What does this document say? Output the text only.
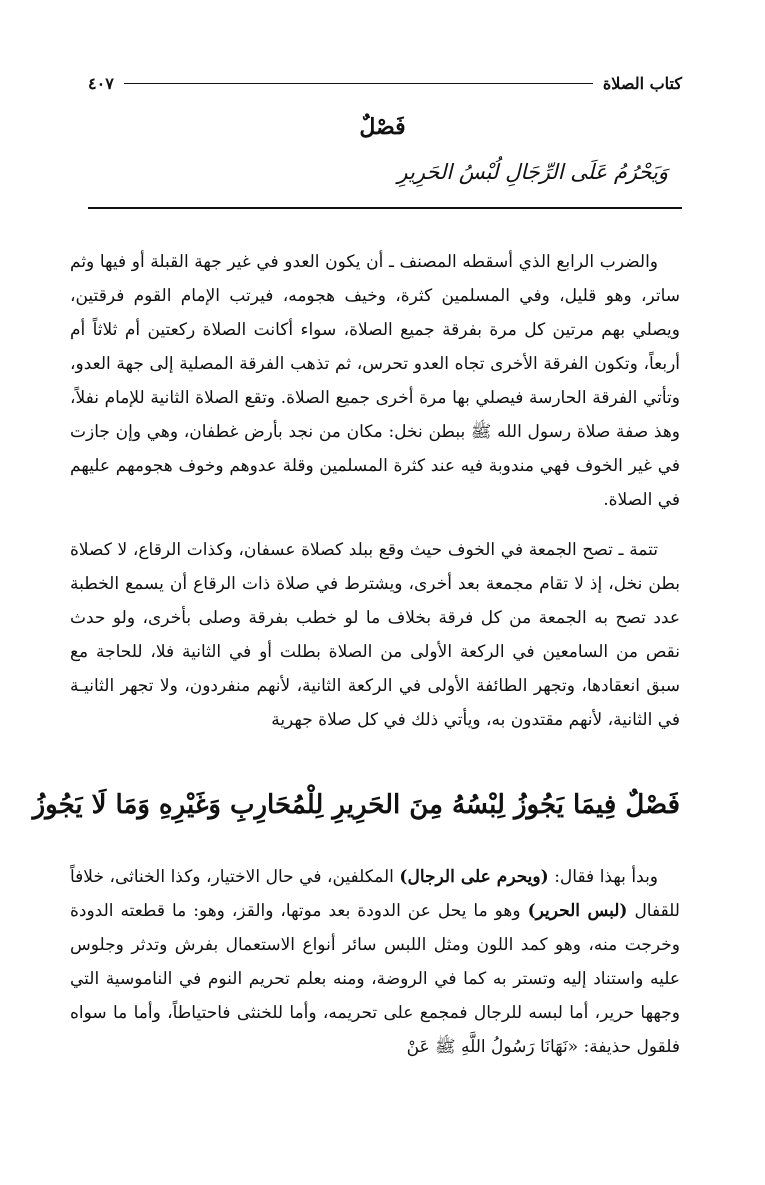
كتاب الصلاة
٤٠٧
فَصْلٌ
وَيَحْرُمُ عَلَى الرِّجَالِ لُبْسُ الحَرِيرِ

والضرب الرابع الذي أسقطه المصنف ـ أن يكون العدو في غير جهة القبلة أو فيها وثم ساتر، وهو قليل، وفي المسلمين كثرة، وخيف هجومه، فيرتب الإمام القوم فرقتين، ويصلي بهم مرتين كل مرة بفرقة جميع الصلاة، سواء أكانت الصلاة ركعتين أم ثلاثاً أم أربعاً، وتكون الفرقة الأخرى تجاه العدو تحرس، ثم تذهب الفرقة المصلية إلى جهة العدو، وتأتي الفرقة الحارسة فيصلي بها مرة أخرى جميع الصلاة. وتقع الصلاة الثانية للإمام نفلاً، وهذ صفة صلاة رسول الله ﷺ ببطن نخل: مكان من نجد بأرض غطفان، وهي وإن جازت في غير الخوف فهي مندوبة فيه عند كثرة المسلمين وقلة عدوهم وخوف هجومهم عليهم في الصلاة.

تتمة ـ تصح الجمعة في الخوف حيث وقع ببلد كصلاة عسفان، وكذات الرقاع، لا كصلاة بطن نخل، إذ لا تقام مجمعة بعد أخرى، ويشترط في صلاة ذات الرقاع أن يسمع الخطبة عدد تصح به الجمعة من كل فرقة بخلاف ما لو خطب بفرقة وصلى بأخرى، ولو حدث نقص من السامعين في الركعة الأولى من الصلاة بطلت أو في الثانية فلا، للحاجة مع سبق انعقادها، وتجهر الطائفة الأولى في الركعة الثانية، لأنهم منفردون، ولا تجهر الثانيـة في الثانية، لأنهم مقتدون به، ويأتي ذلك في كل صلاة جهرية

فَصْلٌ فِيمَا يَجُوزُ لِبْسُهُ مِنَ الحَرِيرِ لِلْمُحَارِبِ وَغَيْرِهِ وَمَا لَا يَجُوزُ

وبدأ بهذا فقال: (ويحرم على الرجال) المكلفين، في حال الاختيار، وكذا الخناثى، خلافاً للقفال (لبس الحرير) وهو ما يحل عن الدودة بعد موتها، والقز، وهو: ما قطعته الدودة وخرجت منه، وهو كمد اللون ومثل اللبس سائر أنواع الاستعمال بفرش وتدثر وجلوس عليه واستناد إليه وتستر به كما في الروضة، ومنه بعلم تحريم النوم في الناموسية التي وجهها حرير، أما لبسه للرجال فمجمع على تحريمه، وأما للخنثى فاحتياطاً، وأما ما سواه فلقول حذيفة: «نَهَانَا رَسُولُ اللَّهِ ﷺ عَنْ
